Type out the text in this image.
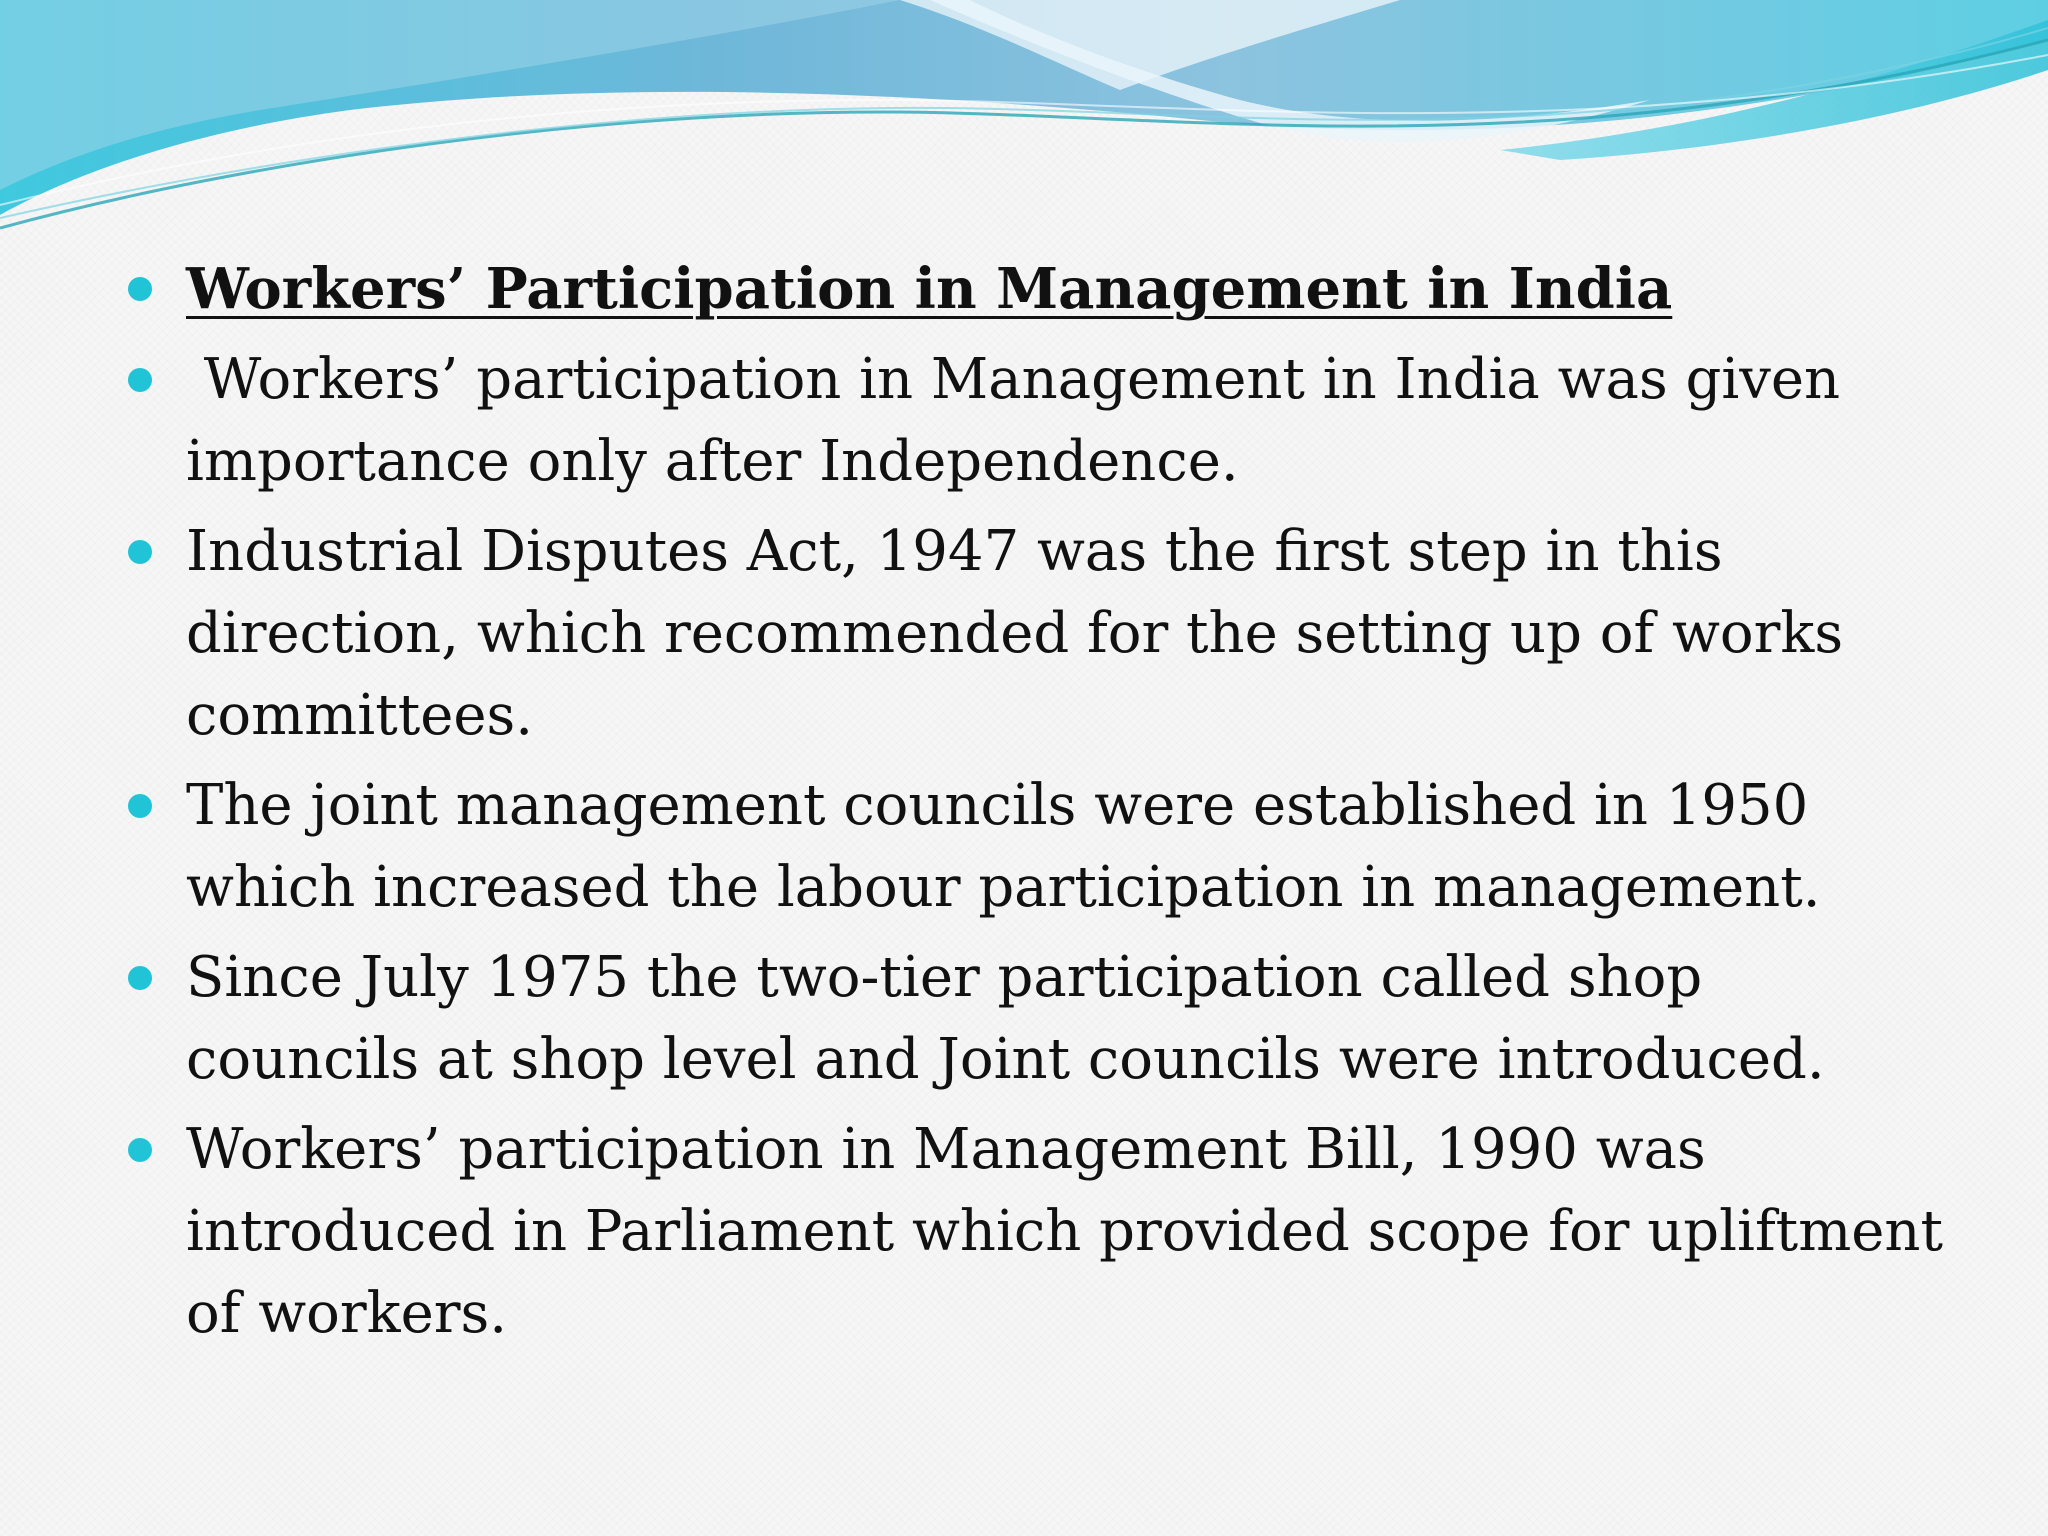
Workers’ Participation in Management in India
Workers’ participation in Management in India was given importance only after Independence.
Industrial Disputes Act, 1947 was the first step in this direction, which recommended for the setting up of works committees.
The joint management councils were established in 1950 which increased the labour participation in management.
Since July 1975 the two-tier participation called shop councils at shop level and Joint councils were introduced.
Workers’ participation in Management Bill, 1990 was introduced in Parliament which provided scope for upliftment of workers.
